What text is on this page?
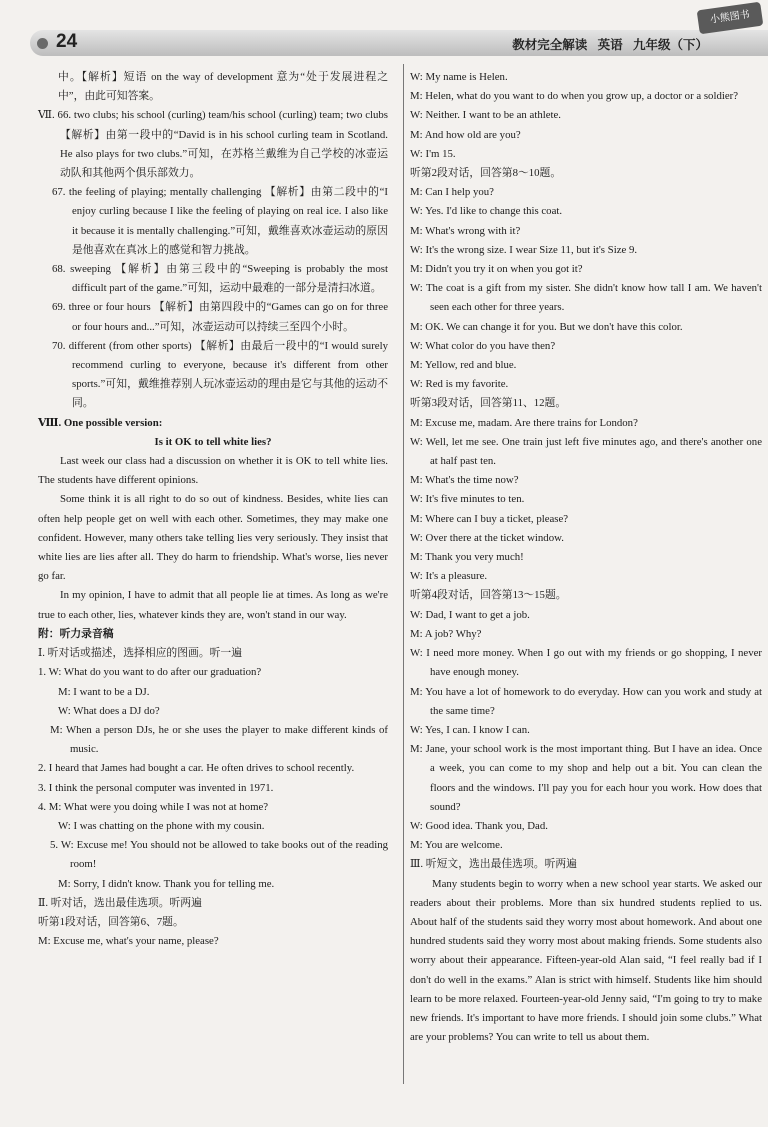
24	教材完全解读 英语 九年级（下）
小熊图书

中。【解析】短语 on the way of development 意为“处于发展进程之中”，由此可知答案。

Ⅶ. 66. two clubs; his school (curling) team/his school (curling) team; two clubs 【解析】由第一段中的“David is in his school curling team in Scotland. He also plays for two clubs.”可知，在苏格兰戴维为自己学校的冰壶运动队和其他两个俱乐部效力。

67. the feeling of playing; mentally challenging 【解析】由第二段中的“I enjoy curling because I like the feeling of playing on real ice. I also like it because it is mentally challenging.”可知，戴维喜欢冰壶运动的原因是他喜欢在真冰上的感觉和智力挑战。

68. sweeping 【解析】由第三段中的“Sweeping is probably the most difficult part of the game.”可知，运动中最难的一部分是清扫冰道。

69. three or four hours 【解析】由第四段中的“Games can go on for three or four hours and...”可知，冰壶运动可以持续三至四个小时。

70. different (from other sports) 【解析】由最后一段中的“I would surely recommend curling to everyone, because it's different from other sports.”可知，戴维推荐别人玩冰壶运动的理由是它与其他的运动不同。

Ⅷ. One possible version:

Is it OK to tell white lies?

Last week our class had a discussion on whether it is OK to tell white lies. The students have different opinions.

Some think it is all right to do so out of kindness. Besides, white lies can often help people get on well with each other. Sometimes, they may make one confident. However, many others take telling lies very seriously. They insist that white lies are lies after all. They do harm to friendship. What's worse, lies never go far.

In my opinion, I have to admit that all people lie at times. As long as we're true to each other, lies, whatever kinds they are, won't stand in our way.

附：听力录音稿

Ⅰ. 听对话或描述，选择相应的图画。听一遍

1. W: What do you want to do after our graduation?

M: I want to be a DJ.

W: What does a DJ do?

M: When a person DJs, he or she uses the player to make different kinds of music.

2. I heard that James had bought a car. He often drives to school recently.

3. I think the personal computer was invented in 1971.

4. M: What were you doing while I was not at home?

W: I was chatting on the phone with my cousin.

5. W: Excuse me! You should not be allowed to take books out of the reading room!

M: Sorry, I didn't know. Thank you for telling me.

Ⅱ. 听对话，选出最佳选项。听两遍

听第1段对话，回答第6、7题。

M: Excuse me, what's your name, please?

W: My name is Helen.

M: Helen, what do you want to do when you grow up, a doctor or a soldier?

W: Neither. I want to be an athlete.

M: And how old are you?

W: I'm 15.

听第2段对话，回答第8～10题。

M: Can I help you?

W: Yes. I'd like to change this coat.

M: What's wrong with it?

W: It's the wrong size. I wear Size 11, but it's Size 9.

M: Didn't you try it on when you got it?

W: The coat is a gift from my sister. She didn't know how tall I am. We haven't seen each other for three years.

M: OK. We can change it for you. But we don't have this color.

W: What color do you have then?

M: Yellow, red and blue.

W: Red is my favorite.

听第3段对话，回答第11、12题。

M: Excuse me, madam. Are there trains for London?

W: Well, let me see. One train just left five minutes ago, and there's another one at half past ten.

M: What's the time now?

W: It's five minutes to ten.

M: Where can I buy a ticket, please?

W: Over there at the ticket window.

M: Thank you very much!

W: It's a pleasure.

听第4段对话，回答第13～15题。

W: Dad, I want to get a job.

M: A job? Why?

W: I need more money. When I go out with my friends or go shopping, I never have enough money.

M: You have a lot of homework to do everyday. How can you work and study at the same time?

W: Yes, I can. I know I can.

M: Jane, your school work is the most important thing. But I have an idea. Once a week, you can come to my shop and help out a bit. You can clean the floors and the windows. I'll pay you for each hour you work. How does that sound?

W: Good idea. Thank you, Dad.

M: You are welcome.

Ⅲ. 听短文，选出最佳选项。听两遍

Many students begin to worry when a new school year starts. We asked our readers about their problems. More than six hundred students replied to us. About half of the students said they worry most about homework. And about one hundred students said they worry most about making friends. Some students also worry about their appearance. Fifteen-year-old Alan said, “I feel really bad if I don't do well in the exams.” Alan is strict with himself. Students like him should learn to be more relaxed. Fourteen-year-old Jenny said, “I'm going to try to make new friends. It's important to have more friends. I should join some clubs.” What are your problems? You can write to tell us about them.
